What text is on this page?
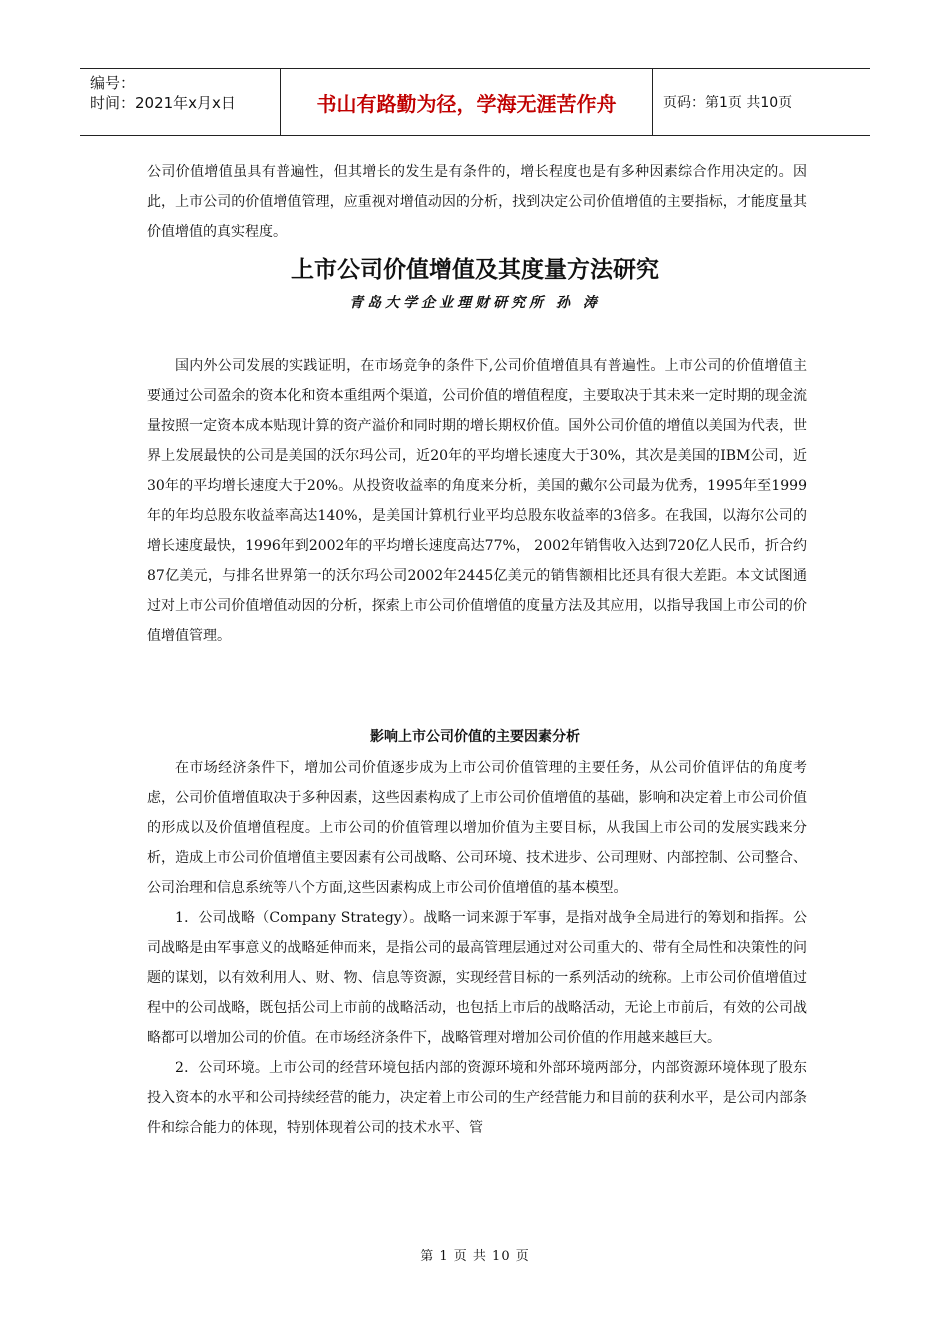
编号：
时间：2021年x月x日	书山有路勤为径，学海无涯苦作舟	页码：第1页 共10页

公司价值增值虽具有普遍性，但其增长的发生是有条件的，增长程度也是有多种因素综合作用决定的。因此，上市公司的价值增值管理，应重视对增值动因的分析，找到决定公司价值增值的主要指标，才能度量其价值增值的真实程度。

上市公司价值增值及其度量方法研究
青岛大学企业理财研究所 孙 涛

国内外公司发展的实践证明，在市场竞争的条件下,公司价值增值具有普遍性。上市公司的价值增值主要通过公司盈余的资本化和资本重组两个渠道，公司价值的增值程度，主要取决于其未来一定时期的现金流量按照一定资本成本贴现计算的资产溢价和同时期的增长期权价值。国外公司价值的增值以美国为代表，世界上发展最快的公司是美国的沃尔玛公司，近20年的平均增长速度大于30%，其次是美国的IBM公司，近30年的平均增长速度大于20%。从投资收益率的角度来分析，美国的戴尔公司最为优秀，1995年至1999年的年均总股东收益率高达140%，是美国计算机行业平均总股东收益率的3倍多。在我国，以海尔公司的增长速度最快，1996年到2002年的平均增长速度高达77%， 2002年销售收入达到720亿人民币，折合约87亿美元，与排名世界第一的沃尔玛公司2002年2445亿美元的销售额相比还具有很大差距。本文试图通过对上市公司价值增值动因的分析，探索上市公司价值增值的度量方法及其应用，以指导我国上市公司的价值增值管理。

影响上市公司价值的主要因素分析

在市场经济条件下，增加公司价值逐步成为上市公司价值管理的主要任务，从公司价值评估的角度考虑，公司价值增值取决于多种因素，这些因素构成了上市公司价值增值的基础，影响和决定着上市公司价值的形成以及价值增值程度。上市公司的价值管理以增加价值为主要目标，从我国上市公司的发展实践来分析，造成上市公司价值增值主要因素有公司战略、公司环境、技术进步、公司理财、内部控制、公司整合、公司治理和信息系统等八个方面,这些因素构成上市公司价值增值的基本模型。

1．公司战略（Company Strategy）。战略一词来源于军事，是指对战争全局进行的筹划和指挥。公司战略是由军事意义的战略延伸而来，是指公司的最高管理层通过对公司重大的、带有全局性和决策性的问题的谋划，以有效利用人、财、物、信息等资源，实现经营目标的一系列活动的统称。上市公司价值增值过程中的公司战略，既包括公司上市前的战略活动，也包括上市后的战略活动，无论上市前后，有效的公司战略都可以增加公司的价值。在市场经济条件下，战略管理对增加公司价值的作用越来越巨大。

2．公司环境。上市公司的经营环境包括内部的资源环境和外部环境两部分，内部资源环境体现了股东投入资本的水平和公司持续经营的能力，决定着上市公司的生产经营能力和目前的获利水平，是公司内部条件和综合能力的体现，特别体现着公司的技术水平、管

第 1 页 共 10 页
